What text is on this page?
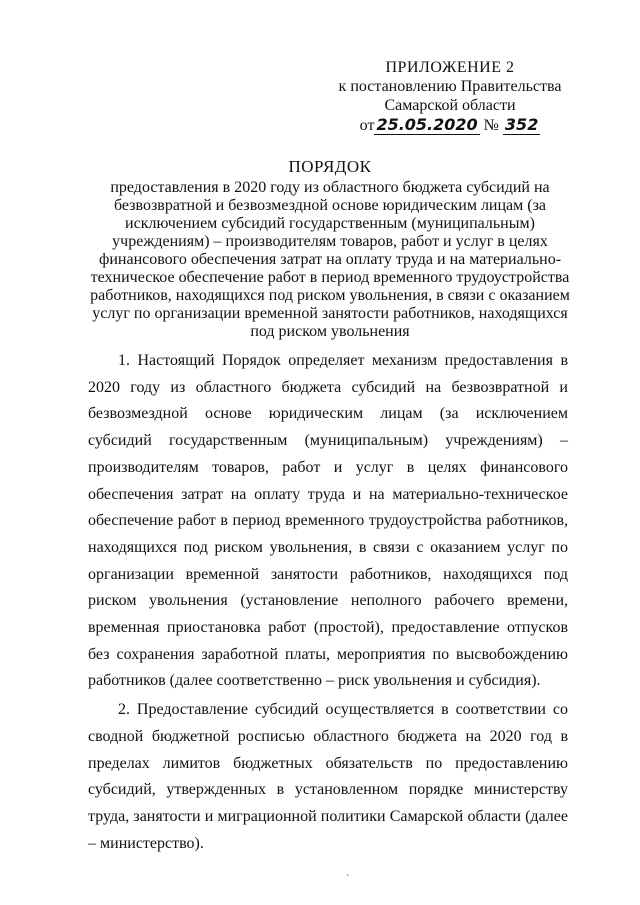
ПРИЛОЖЕНИЕ 2
к постановлению Правительства
Самарской области
от 25.05.2020 № 352
ПОРЯДОК
предоставления в 2020 году из областного бюджета субсидий на безвозвратной и безвозмездной основе юридическим лицам (за исключением субсидий государственным (муниципальным) учреждениям) – производителям товаров, работ и услуг в целях финансового обеспечения затрат на оплату труда и на материально-техническое обеспечение работ в период временного трудоустройства работников, находящихся под риском увольнения, в связи с оказанием услуг по организации временной занятости работников, находящихся под риском увольнения

1. Настоящий Порядок определяет механизм предоставления в 2020 году из областного бюджета субсидий на безвозвратной и безвозмездной основе юридическим лицам (за исключением субсидий государственным (муниципальным) учреждениям) – производителям товаров, работ и услуг в целях финансового обеспечения затрат на оплату труда и на материально-техническое обеспечение работ в период временного трудоустройства работников, находящихся под риском увольнения, в связи с оказанием услуг по организации временной занятости работников, находящихся под риском увольнения (установление неполного рабочего времени, временная приостановка работ (простой), предоставление отпусков без сохранения заработной платы, мероприятия по высвобождению работников (далее соответственно – риск увольнения и субсидия).

2. Предоставление субсидий осуществляется в соответствии со сводной бюджетной росписью областного бюджета на 2020 год в пределах лимитов бюджетных обязательств по предоставлению субсидий, утвержденных в установленном порядке министерству труда, занятости и миграционной политики Самарской области (далее – министерство).

`
